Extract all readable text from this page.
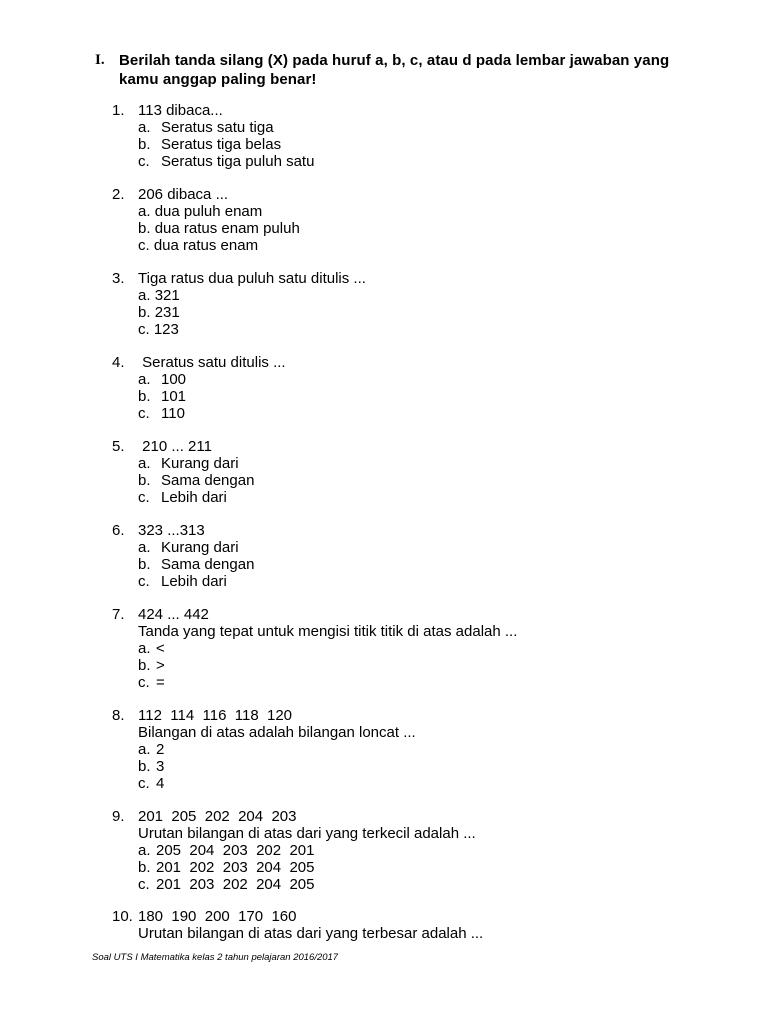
I. Berilah tanda silang (X) pada huruf a, b, c, atau d pada lembar jawaban yang kamu anggap paling benar!

1.

113 dibaca...

a.

Seratus satu tiga

b.

Seratus tiga belas

c.

Seratus tiga puluh satu

2.

206 dibaca ...

a. dua puluh enam

b. dua ratus enam puluh

c. dua ratus enam

3.

Tiga ratus dua puluh satu ditulis ...

a. 321

b. 231

c. 123

4.

Seratus satu ditulis ...

a.

100

b.

101

c.

110

5.

210 ... 211

a.

Kurang dari

b.

Sama dengan

c.

Lebih dari

6.

323 ...313

a.

Kurang dari

b.

Sama dengan

c.

Lebih dari

7.

424 ... 442

Tanda yang tepat untuk mengisi titik titik di atas adalah ...

a.

<

b.

>

c.

=

8.

112  114  116  118  120

Bilangan di atas adalah bilangan loncat ...

a.

2

b.

3

c.

4

9.

201  205  202  204  203

Urutan bilangan di atas dari yang terkecil adalah ...

a.

205  204  203  202  201

b.

201  202  203  204  205

c.

201  203  202  204  205

10.

180  190  200  170  160

Urutan bilangan di atas dari yang terbesar adalah ...

Soal UTS I Matematika kelas 2 tahun pelajaran 2016/2017
